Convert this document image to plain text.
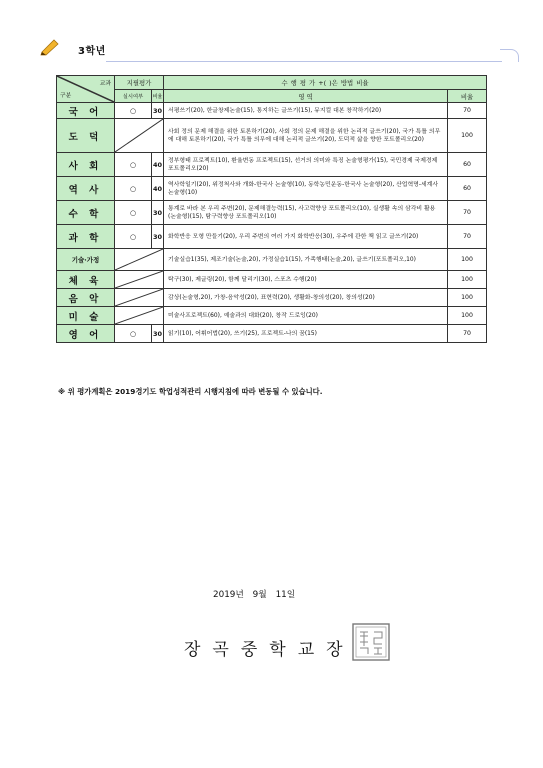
3학년
교과
구분	지필평가		수 행 평 가 +( )은 방법 비율	
	실시여부	비율	영 역	비율
국 어	○	30	서평쓰기(20), 한글창제논술(15), 통지하는 글쓰기(15), 뮤지컬 대본 창작하기(20)	70
도 덕			사회 정의 문제 해결을 위한 토론하기(20), 사회 정의 문제 해결을 위한 논리적 글쓰기(20), 국가 특틀 의무에 대해 토론하기(20), 국가 특틀 의무에 대해 논리적 글쓰기(20), 도덕적 삶을 향한 포트폴리오(20)	100
사 회	○	40	정부형태 프로젝트(10), 환율변동 프로젝트(15), 선거의 의미와 특징 논술형평가(15), 국민경제 국제경제 포트폴리오(20)	60
역 사	○	40	역사학일기(20), 위정척사와 개화-한국사 논술형(10), 동학농민운동-한국사 논술형(20), 산업혁명-세계사 논술형(10)	60
수 학	○	30	통계로 바라 본 우리 주변(20), 문제해결능력(15), 사고력향상 포트폴리오(10), 실생활 속의 삼각비 활용(논술형)(15), 탐구력향상 포트폴리오(10)	70
과 학	○	30	화학반응 모형 만들기(20), 우리 주변의 여러 가지 화학반응(30), 우주에 관한 책 읽고 글쓰기(20)	70
기술·가정			기술실습1(35), 제조기술(논술,20), 가정실습1(15), 가족행태(논술,20), 글쓰기(포트폴리오,10)	100
체 육			탁구(30), 제글링(20), 함께 달리기(30), 스포츠 수행(20)	100
음 악			감상(논술형,20), 가창-음악성(20), 표현력(20), 생활화-창의성(20), 창의성(20)	100
미 술			미술사프로젝트(60), 예술과의 대화(20), 창작 드로잉(20)	100
영 어	○	30	읽기(10), 어휘어법(20), 쓰기(25), 프로젝트-나의 꿈(15)	70
※ 위 평가계획은 2019경기도 학업성적관리 시행지침에 따라 변동될 수 있습니다.
2019년 9월 11일
장곡중학교장
